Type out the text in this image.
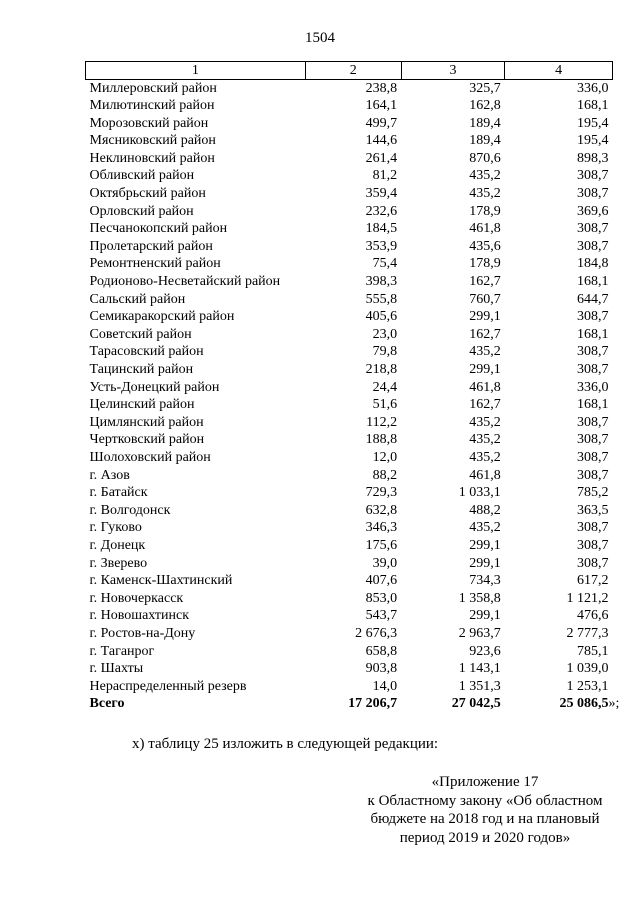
1504
1	2	3	4
Миллеровский район	238,8	325,7	336,0
Милютинский район	164,1	162,8	168,1
Морозовский район	499,7	189,4	195,4
Мясниковский район	144,6	189,4	195,4
Неклиновский район	261,4	870,6	898,3
Обливский район	81,2	435,2	308,7
Октябрьский район	359,4	435,2	308,7
Орловский район	232,6	178,9	369,6
Песчанокопский район	184,5	461,8	308,7
Пролетарский район	353,9	435,6	308,7
Ремонтненский район	75,4	178,9	184,8
Родионово-Несветайский район	398,3	162,7	168,1
Сальский район	555,8	760,7	644,7
Семикаракорский район	405,6	299,1	308,7
Советский район	23,0	162,7	168,1
Тарасовский район	79,8	435,2	308,7
Тацинский район	218,8	299,1	308,7
Усть-Донецкий район	24,4	461,8	336,0
Целинский район	51,6	162,7	168,1
Цимлянский район	112,2	435,2	308,7
Чертковский район	188,8	435,2	308,7
Шолоховский район	12,0	435,2	308,7
г. Азов	88,2	461,8	308,7
г. Батайск	729,3	1 033,1	785,2
г. Волгодонск	632,8	488,2	363,5
г. Гуково	346,3	435,2	308,7
г. Донецк	175,6	299,1	308,7
г. Зверево	39,0	299,1	308,7
г. Каменск-Шахтинский	407,6	734,3	617,2
г. Новочеркасск	853,0	1 358,8	1 121,2
г. Новошахтинск	543,7	299,1	476,6
г. Ростов-на-Дону	2 676,3	2 963,7	2 777,3
г. Таганрог	658,8	923,6	785,1
г. Шахты	903,8	1 143,1	1 039,0
Нераспределенный резерв	14,0	1 351,3	1 253,1
Всего	17 206,7	27 042,5	25 086,5 »;
х) таблицу 25 изложить в следующей редакции:
«Приложение 17
к Областному закону «Об областном
бюджете на 2018 год и на плановый
период 2019 и 2020 годов»
